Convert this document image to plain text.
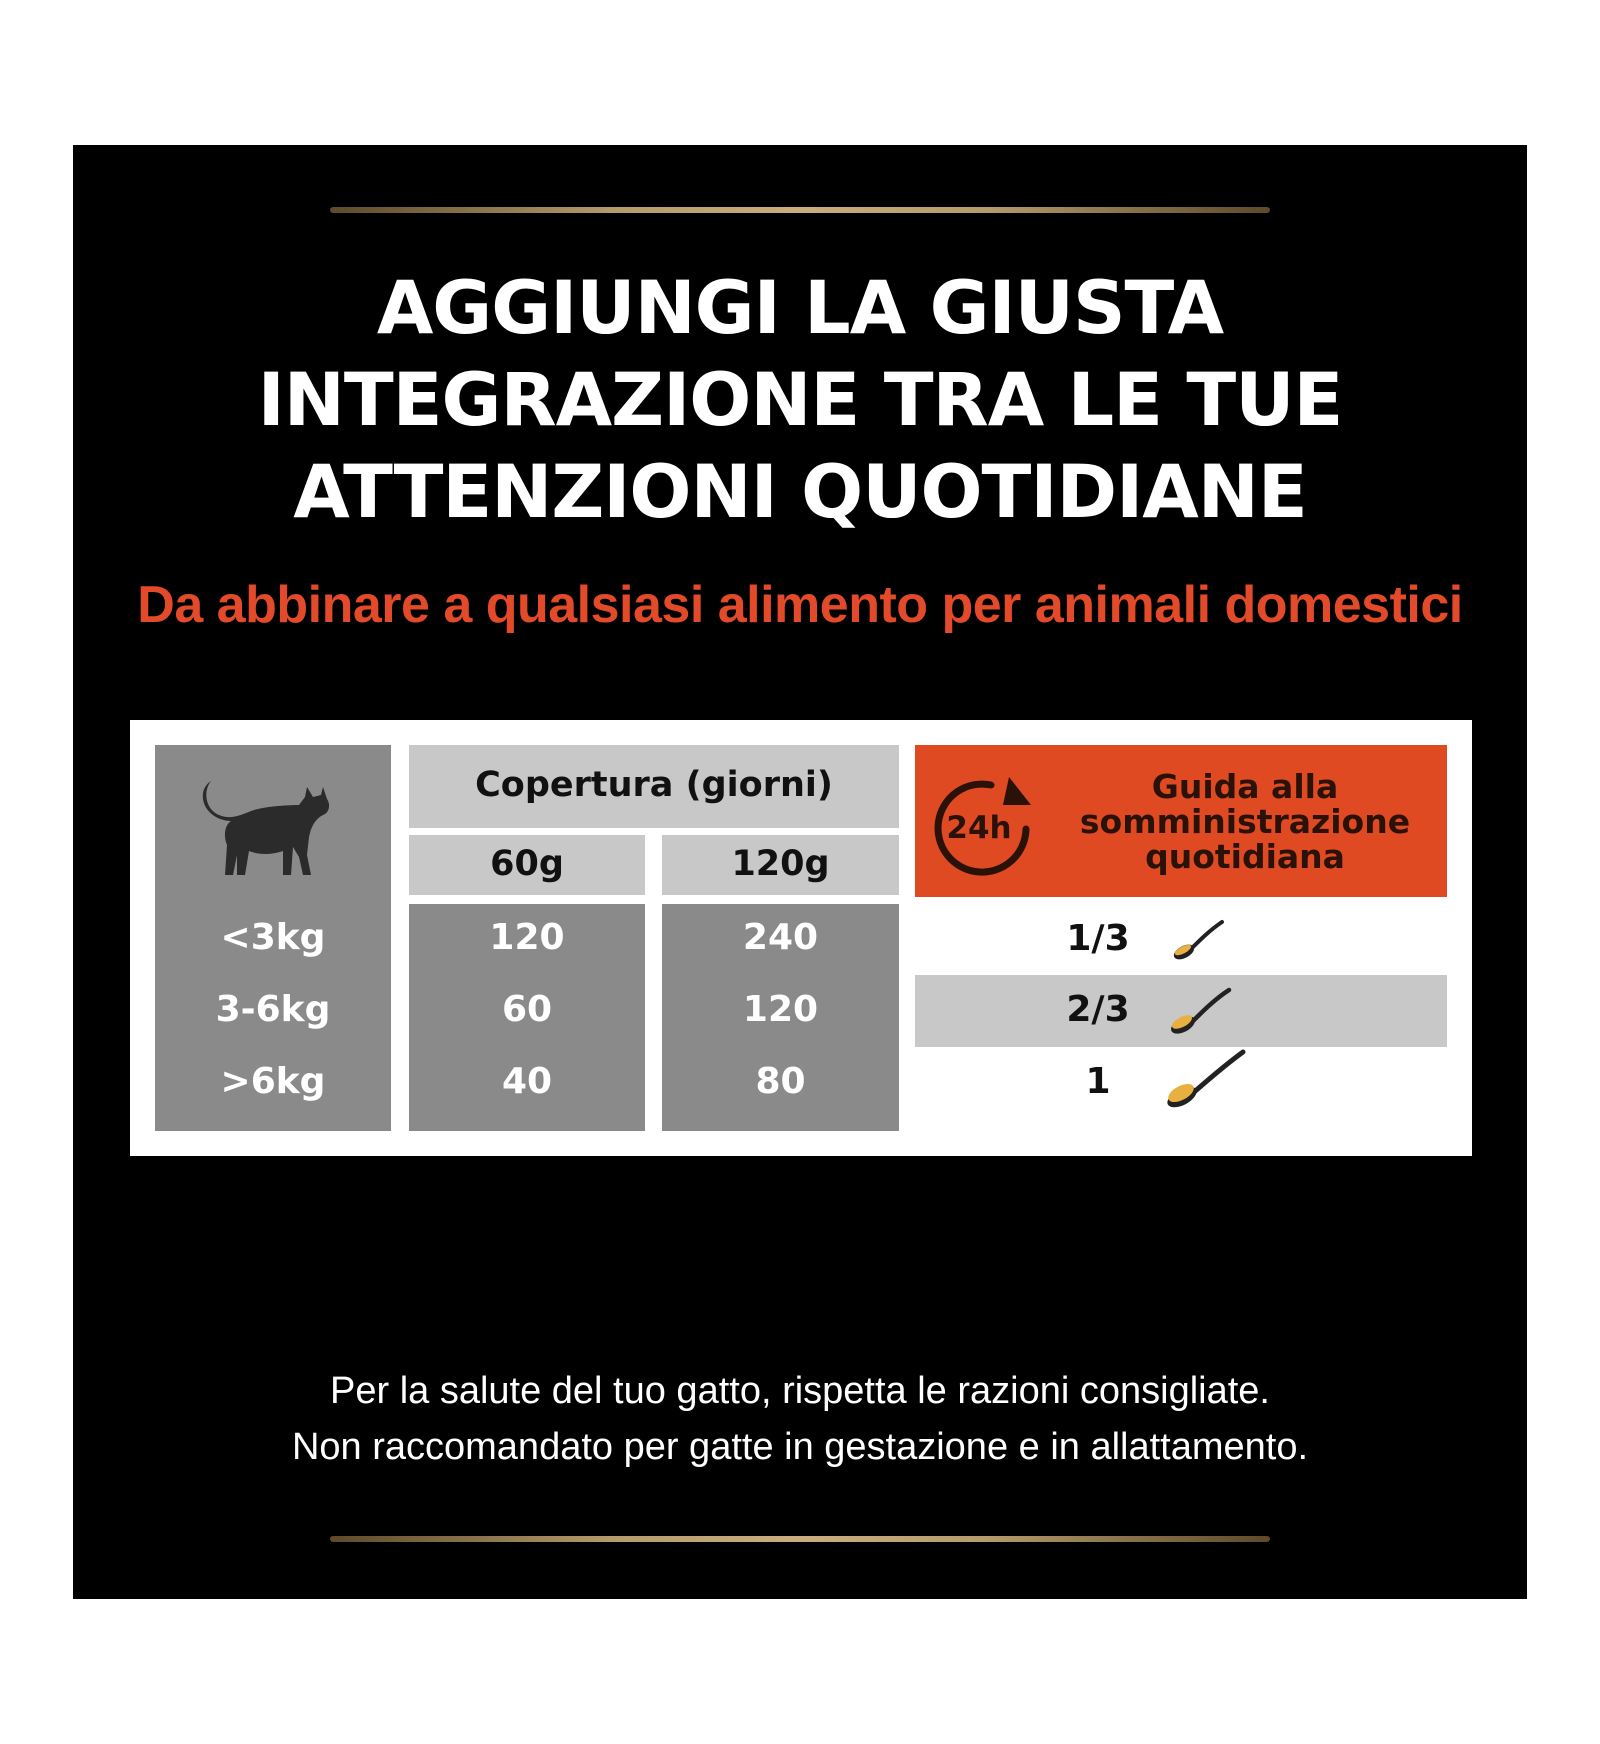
AGGIUNGI LA GIUSTA
INTEGRAZIONE TRA LE TUE
ATTENZIONI QUOTIDIANE
Da abbinare a qualsiasi alimento per animali domestici
<3kg
3-6kg
>6kg
Copertura (giorni)
60g	120g
120
60
40
240
120
80
24h
Guida alla
somministrazione
quotidiana
1/3
2/3
1
Per la salute del tuo gatto, rispetta le razioni consigliate.
Non raccomandato per gatte in gestazione e in allattamento.
